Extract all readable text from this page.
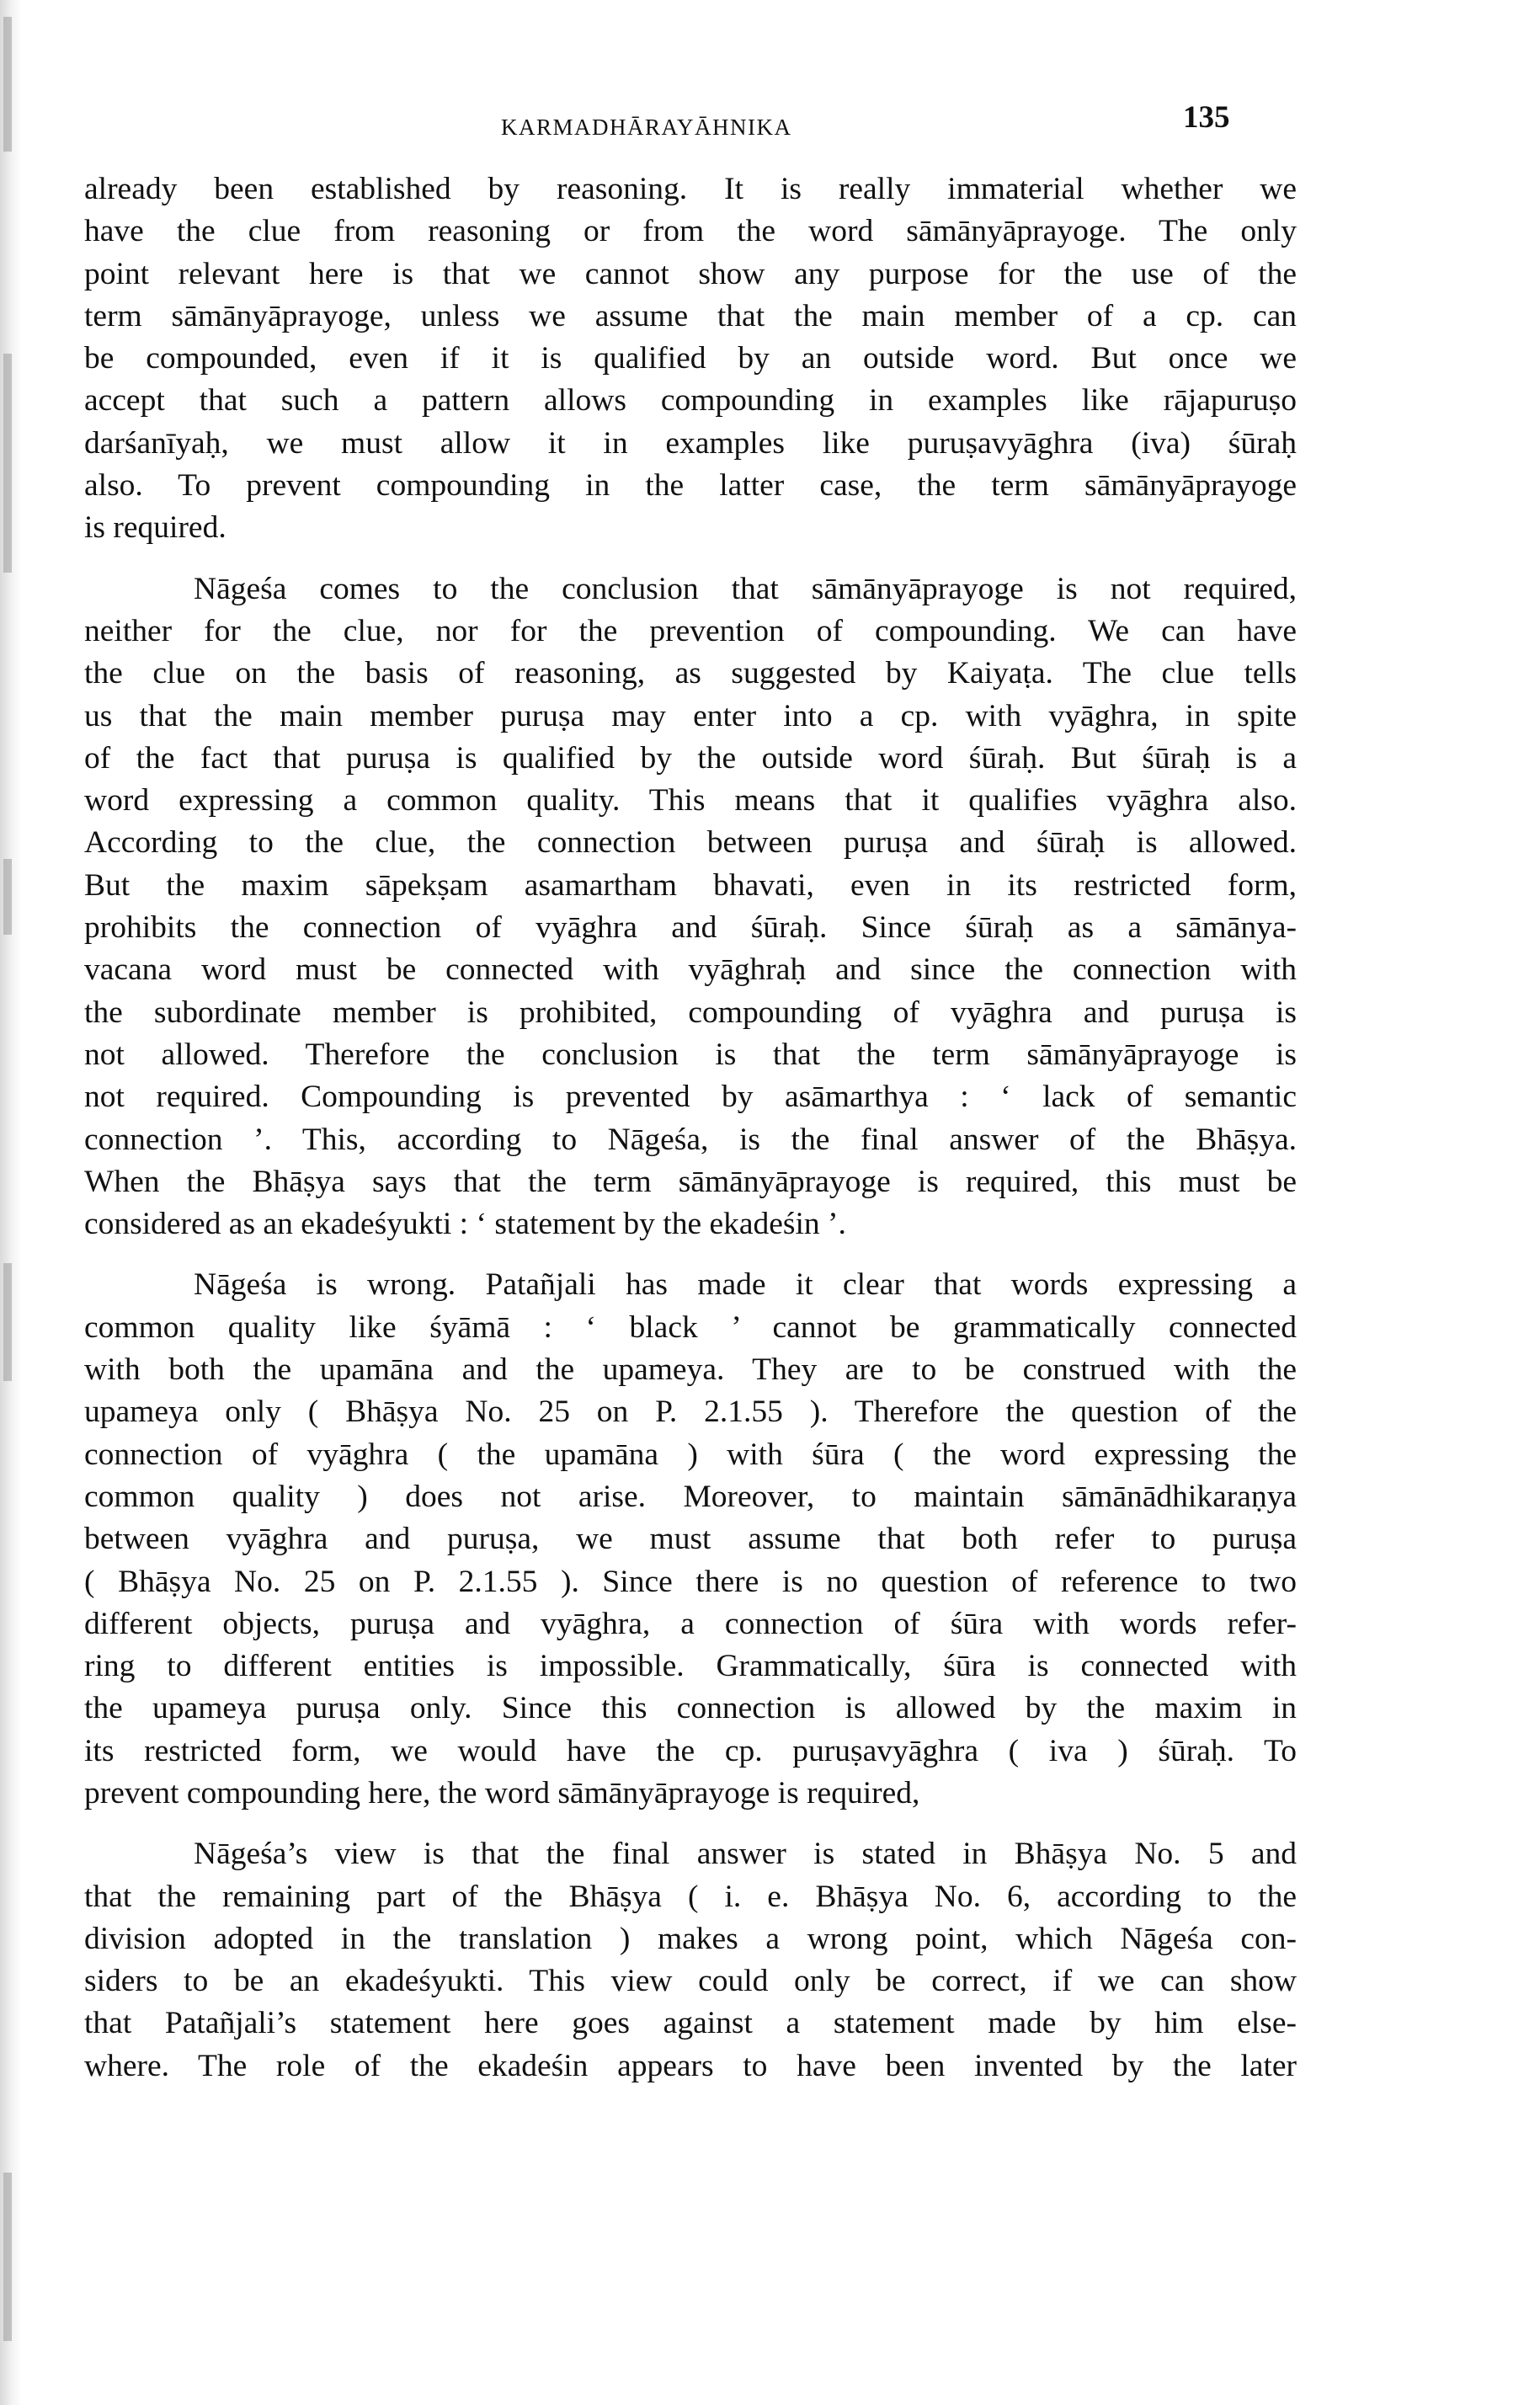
KARMADHĀRAYĀHNIKA	135
already been established by reasoning. It is really immaterial whether we
have the clue from reasoning or from the word sāmānyāprayoge. The only
point relevant here is that we cannot show any purpose for the use of the
term sāmānyāprayoge, unless we assume that the main member of a cp. can
be compounded, even if it is qualified by an outside word. But once we
accept that such a pattern allows compounding in examples like rājapuruṣo
darśanīyaḥ, we must allow it in examples like puruṣavyāghra (iva) śūraḥ
also. To prevent compounding in the latter case, the term sāmānyāprayoge
is required.
Nāgeśa comes to the conclusion that sāmānyāprayoge is not required,
neither for the clue, nor for the prevention of compounding. We can have
the clue on the basis of reasoning, as suggested by Kaiyaṭa. The clue tells
us that the main member puruṣa may enter into a cp. with vyāghra, in spite
of the fact that puruṣa is qualified by the outside word śūraḥ. But śūraḥ is a
word expressing a common quality. This means that it qualifies vyāghra also.
According to the clue, the connection between puruṣa and śūraḥ is allowed.
But the maxim sāpekṣam asamartham bhavati, even in its restricted form,
prohibits the connection of vyāghra and śūraḥ. Since śūraḥ as a sāmānya-
vacana word must be connected with vyāghraḥ and since the connection with
the subordinate member is prohibited, compounding of vyāghra and puruṣa is
not allowed. Therefore the conclusion is that the term sāmānyāprayoge is
not required. Compounding is prevented by asāmarthya : ‘ lack of semantic
connection ’. This, according to Nāgeśa, is the final answer of the Bhāṣya.
When the Bhāṣya says that the term sāmānyāprayoge is required, this must be
considered as an ekadeśyukti : ‘ statement by the ekadeśin ’.
Nāgeśa is wrong. Patañjali has made it clear that words expressing a
common quality like śyāmā : ‘ black ’ cannot be grammatically connected
with both the upamāna and the upameya. They are to be construed with the
upameya only ( Bhāṣya No. 25 on P. 2.1.55 ). Therefore the question of the
connection of vyāghra ( the upamāna ) with śūra ( the word expressing the
common quality ) does not arise. Moreover, to maintain sāmānādhikaraṇya
between vyāghra and puruṣa, we must assume that both refer to puruṣa
( Bhāṣya No. 25 on P. 2.1.55 ). Since there is no question of reference to two
different objects, puruṣa and vyāghra, a connection of śūra with words refer-
ring to different entities is impossible. Grammatically, śūra is connected with
the upameya puruṣa only. Since this connection is allowed by the maxim in
its restricted form, we would have the cp. puruṣavyāghra ( iva ) śūraḥ. To
prevent compounding here, the word sāmānyāprayoge is required,
Nāgeśa’s view is that the final answer is stated in Bhāṣya No. 5 and
that the remaining part of the Bhāṣya ( i. e. Bhāṣya No. 6, according to the
division adopted in the translation ) makes a wrong point, which Nāgeśa con-
siders to be an ekadeśyukti. This view could only be correct, if we can show
that Patañjali’s statement here goes against a statement made by him else-
where. The role of the ekadeśin appears to have been invented by the later
